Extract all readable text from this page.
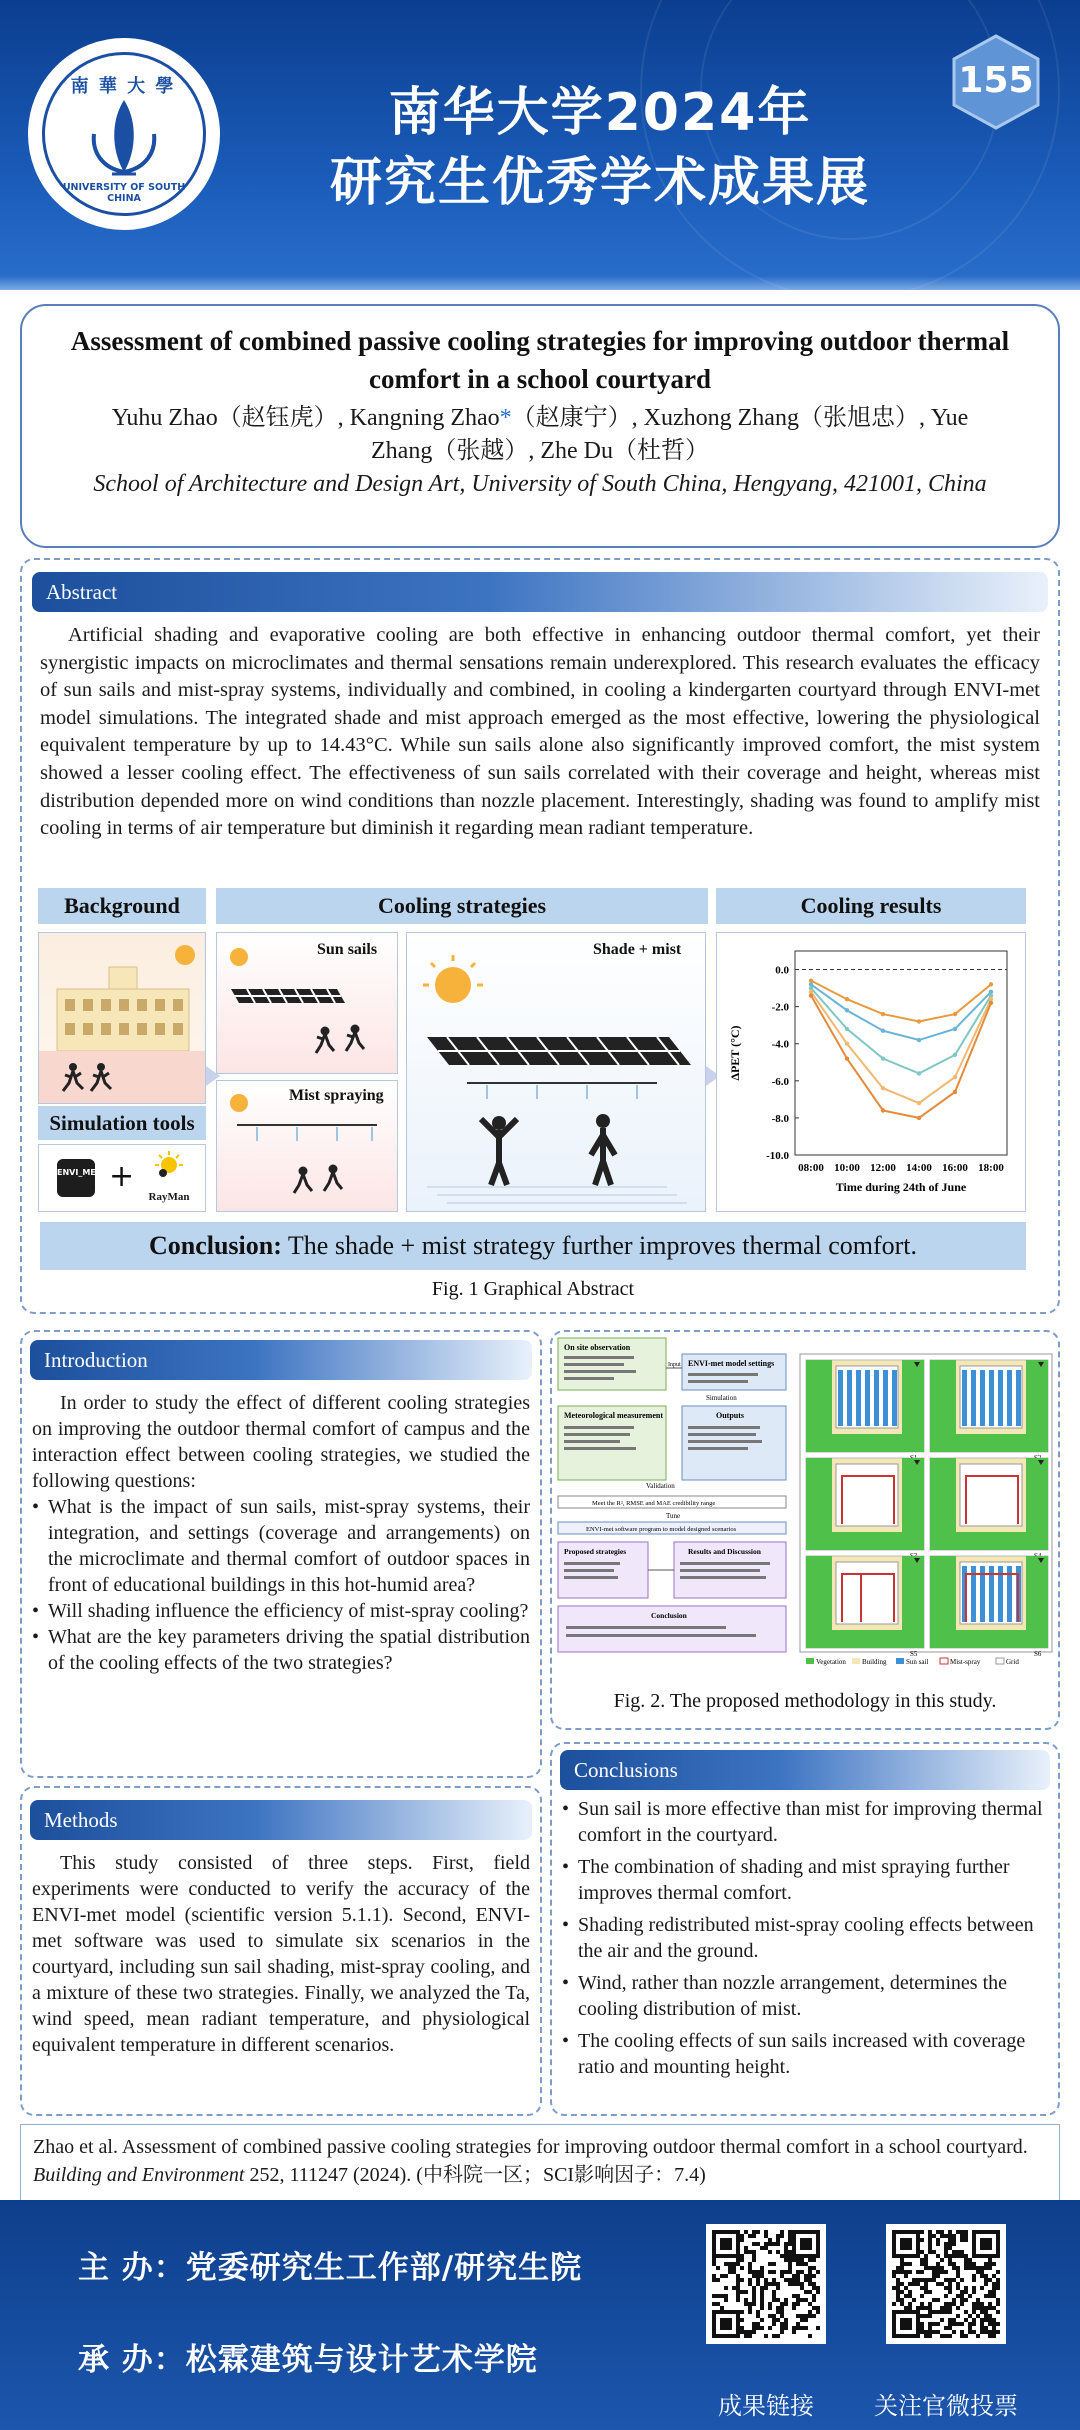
南 華 大 學
UNIVERSITY OF SOUTH CHINA
南华大学2024年
研究生优秀学术成果展
155
Assessment of combined passive cooling strategies for improving outdoor thermal comfort in a school courtyard
Yuhu Zhao（赵钰虎）, Kangning Zhao*（赵康宁）, Xuzhong Zhang（张旭忠）, Yue Zhang（张越）, Zhe Du（杜哲）
School of Architecture and Design Art, University of South China, Hengyang, 421001, China
Abstract

Artificial shading and evaporative cooling are both effective in enhancing outdoor thermal comfort, yet their synergistic impacts on microclimates and thermal sensations remain underexplored. This research evaluates the efficacy of sun sails and mist-spray systems, individually and combined, in cooling a kindergarten courtyard through ENVI-met model simulations. The integrated shade and mist approach emerged as the most effective, lowering the physiological equivalent temperature by up to 14.43°C. While sun sails alone also significantly improved comfort, the mist system showed a lesser cooling effect. The effectiveness of sun sails correlated with their coverage and height, whereas mist distribution depended more on wind conditions than nozzle placement. Interestingly, shading was found to amplify mist cooling in terms of air temperature but diminish it regarding mean radiant temperature.

Background	Cooling strategies	Cooling results
Simulation tools
ENVI_MET +
RayMan
Sun sails
Mist spraying
Shade + mist
0.0
-2.0
-4.0
-6.0
-8.0
-10.0
08:00 10:00 12:00 14:00 16:00 18:00
ΔPET (°C)
Time during 24th of June
Conclusion: The shade + mist strategy further improves thermal comfort.
Fig. 1 Graphical Abstract
Introduction

In order to study the effect of different cooling strategies on improving the outdoor thermal comfort of campus and the interaction effect between cooling strategies, we studied the following questions:

• What is the impact of sun sails, mist-spray systems, their integration, and settings (coverage and arrangements) on the microclimate and thermal comfort of outdoor spaces in front of educational buildings in this hot-humid area?
• Will shading influence the efficiency of mist-spray cooling?
• What are the key parameters driving the spatial distribution of the cooling effects of the two strategies?
On site observation
ENVI-met model settings
Input
Meteorological measurement	Outputs
Simulation
Validation
Meet the R², RMSE and MAE credibility range
Tune
ENVI-met software program to model designed scenarios
Proposed strategies	Results and Discussion
Conclusion
S5	S6
Vegetation Building	Sun sail	Mist-spray	Grid
Fig. 2. The proposed methodology in this study.
Methods

This study consisted of three steps. First, field experiments were conducted to verify the accuracy of the ENVI-met model (scientific version 5.1.1). Second, ENVI-met software was used to simulate six scenarios in the courtyard, including sun sail shading, mist-spray cooling, and a mixture of these two strategies. Finally, we analyzed the Ta, wind speed, mean radiant temperature, and physiological equivalent temperature in different scenarios.

Conclusions
• Sun sail is more effective than mist for improving thermal comfort in the courtyard.
• The combination of shading and mist spraying further improves thermal comfort.
• Shading redistributed mist-spray cooling effects between the air and the ground.
• Wind, rather than nozzle arrangement, determines the cooling distribution of mist.
• The cooling effects of sun sails increased with coverage ratio and mounting height.
Zhao et al. Assessment of combined passive cooling strategies for improving outdoor thermal comfort in a school courtyard. Building and Environment 252, 111247 (2024). (中科院一区；SCI影响因子：7.4)
主 办：党委研究生工作部/研究生院
承 办：松霖建筑与设计艺术学院
成果链接	关注官微投票
